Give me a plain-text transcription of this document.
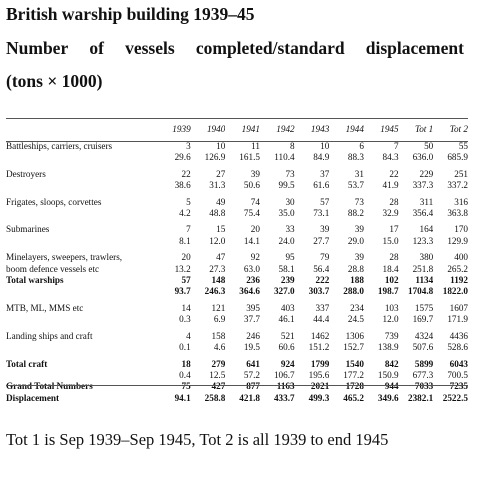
British warship building 1939–45
Number of vessels completed/standard displacement
(tons × 1000)
	1939	1940	1941	1942	1943	1944	1945	Tot 1	Tot 2
Battleships, carriers, cruisers	3	10	11	8	10	6	7	50	55
	29.6	126.9	161.5	110.4	84.9	88.3	84.3	636.0	685.9
Destroyers	22	27	39	73	37	31	22	229	251
	38.6	31.3	50.6	99.5	61.6	53.7	41.9	337.3	337.2
Frigates, sloops, corvettes	5	49	74	30	57	73	28	311	316
	4.2	48.8	75.4	35.0	73.1	88.2	32.9	356.4	363.8
Submarines	7	15	20	33	39	39	17	164	170
	8.1	12.0	14.1	24.0	27.7	29.0	15.0	123.3	129.9
Minelayers, sweepers, trawlers,	20	47	92	95	79	39	28	380	400
boom defence vessels etc	13.2	27.3	63.0	58.1	56.4	28.8	18.4	251.8	265.2
Total warships	57	148	236	239	222	188	102	1134	1192
	93.7	246.3	364.6	327.0	303.7	288.0	198.7	1704.8	1822.0
MTB, ML, MMS etc	14	121	395	403	337	234	103	1575	1607
	0.3	6.9	37.7	46.1	44.4	24.5	12.0	169.7	171.9
Landing ships and craft	4	158	246	521	1462	1306	739	4324	4436
	0.1	4.6	19.5	60.6	151.2	152.7	138.9	507.6	528.6
Total craft	18	279	641	924	1799	1540	842	5899	6043
	0.4	12.5	57.2	106.7	195.6	177.2	150.9	677.3	700.5
Grand Total Numbers	75	427	877	1163	2021	1728	944	7033	7235
Displacement	94.1	258.8	421.8	433.7	499.3	465.2	349.6	2382.1	2522.5
Tot 1 is Sep 1939–Sep 1945, Tot 2 is all 1939 to end 1945
